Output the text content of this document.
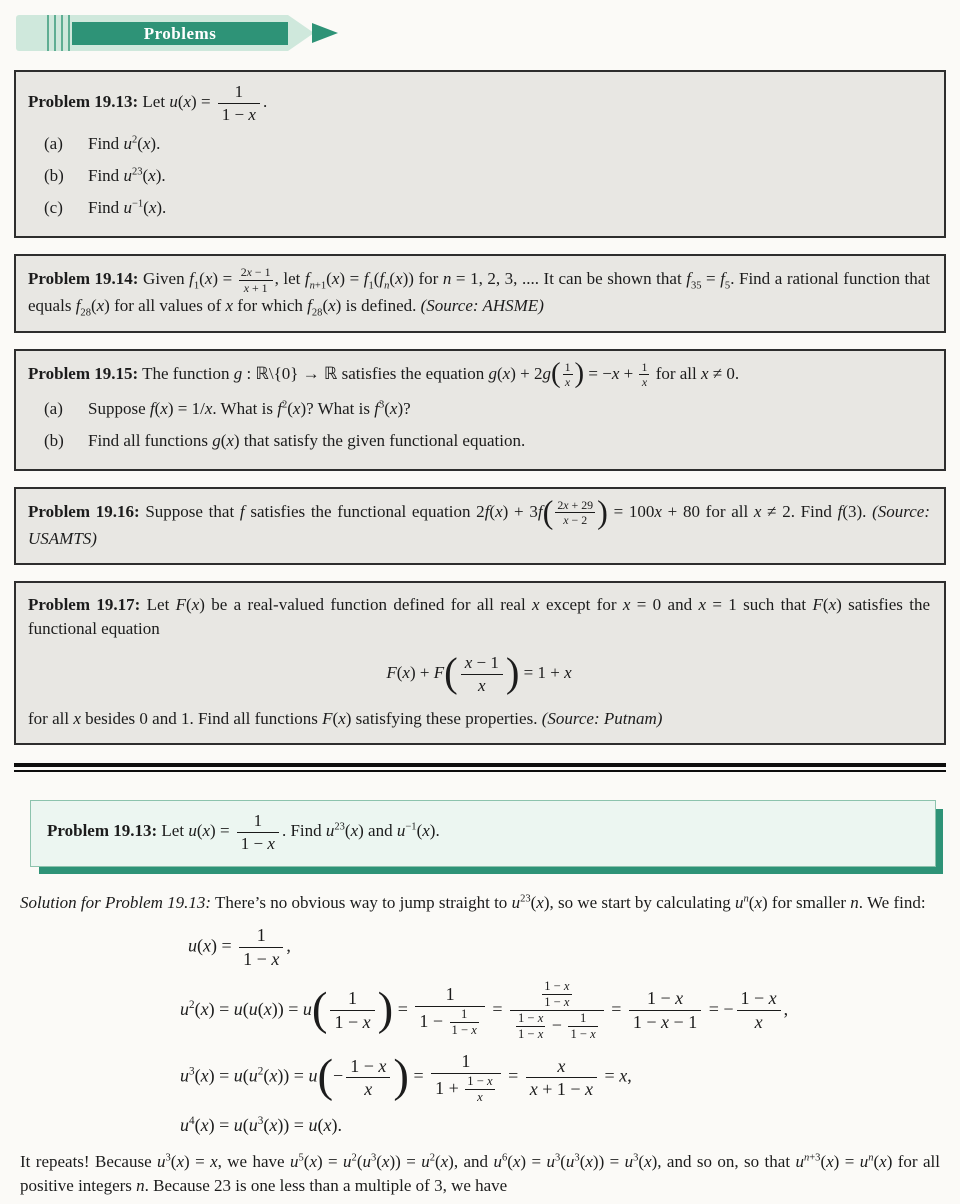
Problems

Problem 19.13: Let $u(x) = \frac{1}{1 - x}$ .

(a)	Find $u^2(x)$.
(b)	Find $u^{23}(x)$.
(c)	Find $u^{-1}(x)$.

Problem 19.14: Given $f_1(x) = \frac{2x - 1}{x + 1}$ , let $f_{n+1}(x) = f_1(f_n(x))$ for n = 1, 2, 3, .... It can be shown that $f_{35} = f_5$. Find a rational function that equals $f_{28}(x)$ for all values of x for which $f_{28}(x)$ is defined. (Source: AHSME)

Problem 19.15: The function g : ℝ\{0} → ℝ satisfies the equation $g(x) + 2g( \frac{1}{x}$ ) = $-x + \frac{1}{x}$ for all x ≠ 0.

(a)	Suppose f(x) = 1/x. What is $f^2(x)$? What is $f^3(x)$?
(b)	Find all functions g(x) that satisfy the given functional equation.

Problem 19.16: Suppose that f satisfies the functional equation $2f(x) + 3f( \frac{2x + 29}{x - 2}$ ) = 100x + 80 for all x ≠ 2. Find f(3). (Source: USAMTS)

Problem 19.17: Let F(x) be a real-valued function defined for all real x except for x = 0 and x = 1 such that F(x) satisfies the functional equation

$F(x) + F( \frac{x - 1}{x}$ ) = 1 + x

for all x besides 0 and 1. Find all functions F(x) satisfying these properties. (Source: Putnam)

Problem 19.13: Let $u(x) = \frac{1}{1 - x}$ . Find $u^{23}(x)$ and $u^{-1}(x)$.

Solution for Problem 19.13: There’s no obvious way to jump straight to $u^{23}(x)$, so we start by calculating $u^n(x)$ for smaller n. We find:

$u(x) = \frac{1}{1 - x}$ ,
$u^2(x) = u(u(x)) = u( \frac{1}{1 - x}$ ) = $\frac{1}{1 - \frac{1}{1 - x}} = \frac{\frac{1 - x}{1 - x}}{\frac{1 - x}{1 - x} - \frac{1}{1 - x}} = \frac{1 - x}{1 - x - 1}$ = − $\frac{1 - x}{x}$ ,
$u^3(x) = u(u^2(x)) = u(- \frac{1 - x}{x}$ ) = $\frac{1}{1 + \frac{1 - x}{x}} = \frac{x}{x + 1 - x} = x$,
$u^4(x) = u(u^3(x)) = u(x)$.

It repeats! Because $u^3(x) = x$, we have $u^5(x) = u^2(u^3(x)) = u^2(x)$, and $u^6(x) = u^3(u^3(x)) = u^3(x)$, and so on, so that $u^{n+3}(x) = u^n(x)$ for all positive integers n. Because 23 is one less than a multiple of 3, we have
